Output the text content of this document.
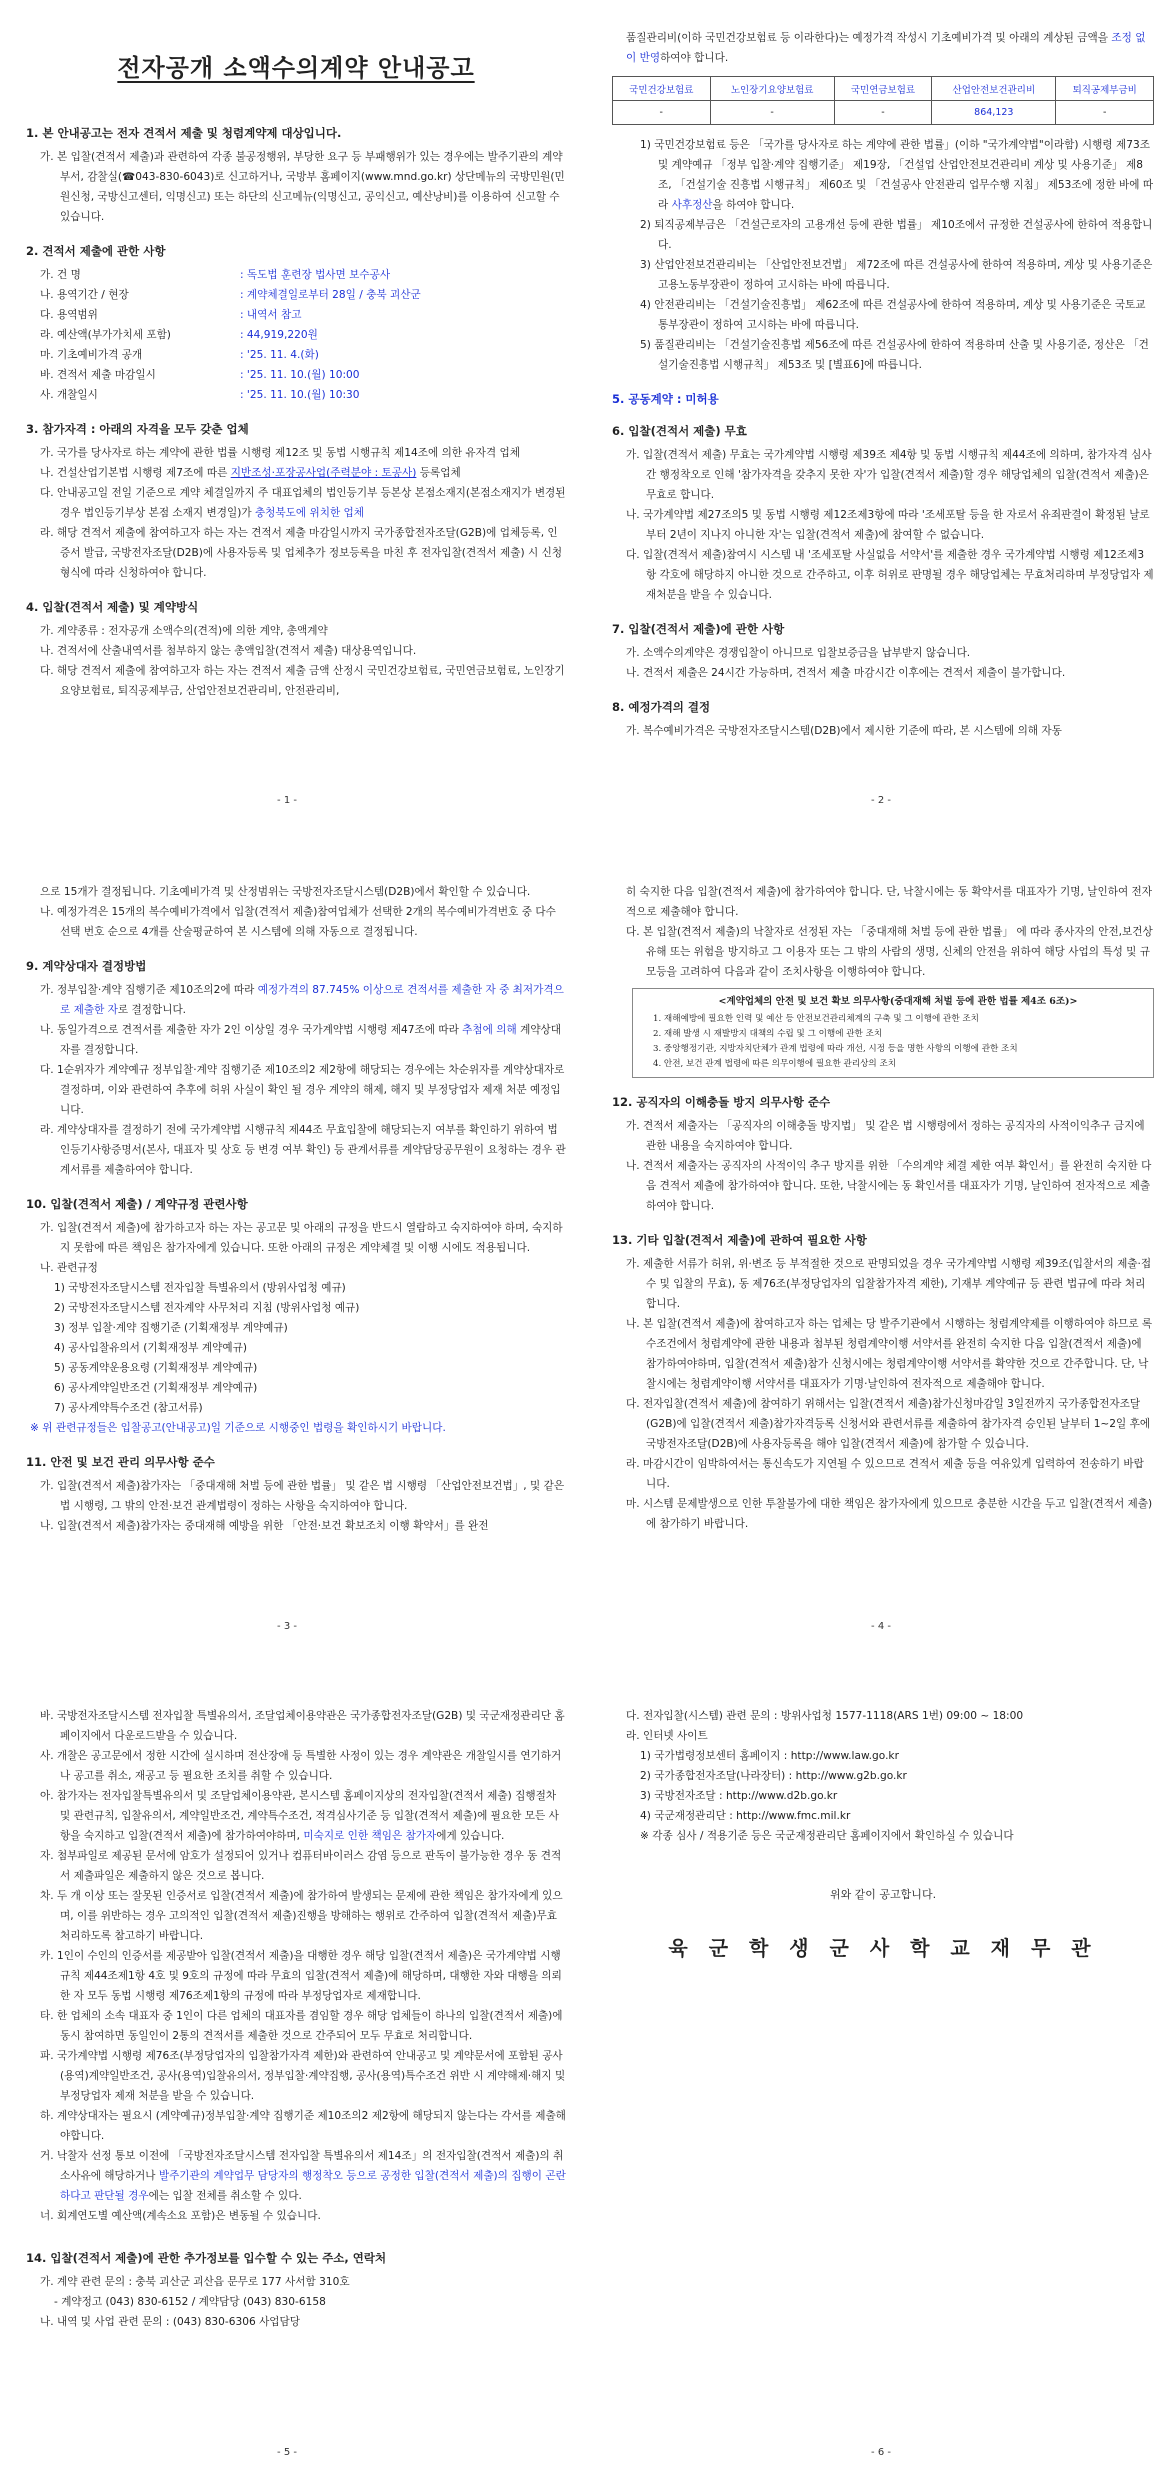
전자공개 소액수의계약 안내공고
1. 본 안내공고는 전자 견적서 제출 및 청렴계약제 대상입니다.

가. 본 입찰(견적서 제출)과 관련하여 각종 불공정행위, 부당한 요구 등 부패행위가 있는 경우에는 발주기관의 계약부서, 감찰실(☎043-830-6043)로 신고하거나, 국방부 홈페이지(www.mnd.go.kr) 상단메뉴의 국방민원(민원신청, 국방신고센터, 익명신고) 또는 하단의 신고메뉴(익명신고, 공익신고, 예산낭비)를 이용하여 신고할 수 있습니다.

2. 견적서 제출에 관한 사항
가. 건 명	: 독도법 훈련장 법사면 보수공사
나. 용역기간 / 현장	: 계약체결일로부터 28일 / 충북 괴산군
다. 용역범위	: 내역서 참고
라. 예산액(부가가치세 포함)	: 44,919,220원
마. 기초예비가격 공개	: '25. 11. 4.(화)
바. 견적서 제출 마감일시	: '25. 11. 10.(월) 10:00
사. 개찰일시	: '25. 11. 10.(월) 10:30
3. 참가자격 : 아래의 자격을 모두 갖춘 업체

가. 국가를 당사자로 하는 계약에 관한 법률 시행령 제12조 및 동법 시행규칙 제14조에 의한 유자격 업체

나. 건설산업기본법 시행령 제7조에 따른 지반조성·포장공사업(주력분야 : 토공사) 등록업체

다. 안내공고일 전일 기준으로 계약 체결일까지 주 대표업체의 법인등기부 등본상 본점소재지(본점소재지가 변경된 경우 법인등기부상 본점 소재지 변경일)가 충청북도에 위치한 업체

라. 해당 견적서 제출에 참여하고자 하는 자는 견적서 제출 마감일시까지 국가종합전자조달(G2B)에 업체등록, 인증서 발급, 국방전자조달(D2B)에 사용자등록 및 업체추가 정보등록을 마친 후 전자입찰(견적서 제출) 시 신청형식에 따라 신청하여야 합니다.

4. 입찰(견적서 제출) 및 계약방식

가. 계약종류 : 전자공개 소액수의(견적)에 의한 계약, 총액계약

나. 견적서에 산출내역서를 첨부하지 않는 총액입찰(견적서 제출) 대상용역입니다.

다. 해당 견적서 제출에 참여하고자 하는 자는 견적서 제출 금액 산정시 국민건강보험료, 국민연금보험료, 노인장기요양보험료, 퇴직공제부금, 산업안전보건관리비, 안전관리비,

- 1 -

품질관리비(이하 국민건강보험료 등 이라한다)는 예정가격 작성시 기초예비가격 및 아래의 계상된 금액을 조정 없이 반영하여야 합니다.

국민건강보험료	노인장기요양보험료	국민연금보험료	산업안전보건관리비	퇴직공제부금비
-	-	-	864,123	-

1) 국민건강보험료 등은 「국가를 당사자로 하는 계약에 관한 법률」(이하 "국가계약법"이라함) 시행령 제73조 및 계약예규 「정부 입찰·계약 집행기준」 제19장, 「건설업 산업안전보건관리비 계상 및 사용기준」 제8조, 「건설기술 진흥법 시행규칙」 제60조 및 「건설공사 안전관리 업무수행 지침」 제53조에 정한 바에 따라 사후정산을 하여야 합니다.

2) 퇴직공제부금은 「건설근로자의 고용개선 등에 관한 법률」 제10조에서 규정한 건설공사에 한하여 적용합니다.

3) 산업안전보건관리비는 「산업안전보건법」 제72조에 따른 건설공사에 한하여 적용하며, 계상 및 사용기준은 고용노동부장관이 정하여 고시하는 바에 따릅니다.

4) 안전관리비는 「건설기술진흥법」 제62조에 따른 건설공사에 한하여 적용하며, 계상 및 사용기준은 국토교통부장관이 정하여 고시하는 바에 따릅니다.

5) 품질관리비는 「건설기술진흥법 제56조에 따른 건설공사에 한하여 적용하며 산출 및 사용기준, 정산은 「건설기술진흥법 시행규칙」 제53조 및 [별표6]에 따릅니다.

5. 공동계약 : 미허용
6. 입찰(견적서 제출) 무효

가. 입찰(견적서 제출) 무효는 국가계약법 시행령 제39조 제4항 및 동법 시행규칙 제44조에 의하며, 참가자격 심사 간 행정착오로 인해 '참가자격을 갖추지 못한 자'가 입찰(견적서 제출)할 경우 해당업체의 입찰(견적서 제출)은 무효로 합니다.

나. 국가계약법 제27조의5 및 동법 시행령 제12조제3항에 따라 '조세포탈 등을 한 자로서 유죄판결이 확정된 날로부터 2년이 지나지 아니한 자'는 입찰(견적서 제출)에 참여할 수 없습니다.

다. 입찰(견적서 제출)참여시 시스템 내 '조세포탈 사실없음 서약서'를 제출한 경우 국가계약법 시행령 제12조제3항 각호에 해당하지 아니한 것으로 간주하고, 이후 허위로 판명될 경우 해당업체는 무효처리하며 부정당업자 제재처분을 받을 수 있습니다.

7. 입찰(견적서 제출)에 관한 사항

가. 소액수의계약은 경쟁입찰이 아니므로 입찰보증금을 납부받지 않습니다.

나. 견적서 제출은 24시간 가능하며, 견적서 제출 마감시간 이후에는 견적서 제출이 불가합니다.

8. 예정가격의 결정

가. 복수예비가격은 국방전자조달시스템(D2B)에서 제시한 기준에 따라, 본 시스템에 의해 자동

- 2 -

으로 15개가 결정됩니다. 기초예비가격 및 산정범위는 국방전자조달시스템(D2B)에서 확인할 수 있습니다.

나. 예정가격은 15개의 복수예비가격에서 입찰(견적서 제출)참여업체가 선택한 2개의 복수예비가격번호 중 다수선택 번호 순으로 4개를 산술평균하여 본 시스템에 의해 자동으로 결정됩니다.

9. 계약상대자 결정방법

가. 정부입찰·계약 집행기준 제10조의2에 따라 예정가격의 87.745% 이상으로 견적서를 제출한 자 중 최저가격으로 제출한 자로 결정합니다.

나. 동일가격으로 견적서를 제출한 자가 2인 이상일 경우 국가계약법 시행령 제47조에 따라 추첨에 의해 계약상대자를 결정합니다.

다. 1순위자가 계약예규 정부입찰·계약 집행기준 제10조의2 제2항에 해당되는 경우에는 차순위자를 계약상대자로 결정하며, 이와 관련하여 추후에 허위 사실이 확인 될 경우 계약의 해제, 해지 및 부정당업자 제재 처분 예정입니다.

라. 계약상대자를 결정하기 전에 국가계약법 시행규칙 제44조 무효입찰에 해당되는지 여부를 확인하기 위하여 법인등기사항증명서(본사, 대표자 및 상호 등 변경 여부 확인) 등 관계서류를 계약담당공무원이 요청하는 경우 관계서류를 제출하여야 합니다.

10. 입찰(견적서 제출) / 계약규정 관련사항

가. 입찰(견적서 제출)에 참가하고자 하는 자는 공고문 및 아래의 규정을 반드시 열람하고 숙지하여야 하며, 숙지하지 못함에 따른 책임은 참가자에게 있습니다. 또한 아래의 규정은 계약체결 및 이행 시에도 적용됩니다.

나. 관련규정

1) 국방전자조달시스템 전자입찰 특별유의서 (방위사업청 예규)

2) 국방전자조달시스템 전자계약 사무처리 지침 (방위사업청 예규)

3) 정부 입찰·계약 집행기준 (기획재정부 계약예규)

4) 공사입찰유의서 (기획재정부 계약예규)

5) 공동계약운용요령 (기획재정부 계약예규)

6) 공사계약일반조건 (기획재정부 계약예규)

7) 공사계약특수조건 (참고서류)

※ 위 관련규정들은 입찰공고(안내공고)일 기준으로 시행중인 법령을 확인하시기 바랍니다.

11. 안전 및 보건 관리 의무사항 준수

가. 입찰(견적서 제출)참가자는 「중대재해 처벌 등에 관한 법률」 및 같은 법 시행령 「산업안전보건법」, 및 같은 법 시행령, 그 밖의 안전·보건 관계법령이 정하는 사항을 숙지하여야 합니다.

나. 입찰(견적서 제출)참가자는 중대재해 예방을 위한 「안전·보건 확보조치 이행 확약서」를 완전

- 3 -

히 숙지한 다음 입찰(견적서 제출)에 참가하여야 합니다. 단, 낙찰시에는 동 확약서를 대표자가 기명, 날인하여 전자적으로 제출해야 합니다.

다. 본 입찰(견적서 제출)의 낙찰자로 선정된 자는 「중대재해 처벌 등에 관한 법률」 에 따라 종사자의 안전,보건상 유해 또는 위험을 방지하고 그 이용자 또는 그 밖의 사람의 생명, 신체의 안전을 위하여 해당 사업의 특성 및 규모등을 고려하여 다음과 같이 조치사항을 이행하여야 합니다.

<계약업체의 안전 및 보건 확보 의무사항(중대재해 처벌 등에 관한 법률 제4조 6조)>
1. 재해예방에 필요한 인력 및 예산 등 안전보건관리체계의 구축 및 그 이행에 관한 조치
2. 재해 발생 시 재발방지 대책의 수립 및 그 이행에 관한 조치
3. 중앙행정기관, 지방자치단체가 관계 법령에 따라 개선, 시정 등을 명한 사항의 이행에 관한 조치
4. 안전, 보건 관계 법령에 따른 의무이행에 필요한 관리상의 조치
12. 공직자의 이해충돌 방지 의무사항 준수

가. 견적서 제출자는 「공직자의 이해충돌 방지법」 및 같은 법 시행령에서 정하는 공직자의 사적이익추구 금지에 관한 내용을 숙지하여야 합니다.

나. 견적서 제출자는 공직자의 사적이익 추구 방지를 위한 「수의계약 체결 제한 여부 확인서」를 완전히 숙지한 다음 견적서 제출에 참가하여야 합니다. 또한, 낙찰시에는 동 확인서를 대표자가 기명, 날인하여 전자적으로 제출하여야 합니다.

13. 기타 입찰(견적서 제출)에 관하여 필요한 사항

가. 제출한 서류가 허위, 위·변조 등 부적절한 것으로 판명되었을 경우 국가계약법 시행령 제39조(입찰서의 제출·접수 및 입찰의 무효), 동 제76조(부정당업자의 입찰참가자격 제한), 기재부 계약예규 등 관련 법규에 따라 처리합니다.

나. 본 입찰(견적서 제출)에 참여하고자 하는 업체는 당 발주기관에서 시행하는 청렴계약제를 이행하여야 하므로 록수조건에서 청렴계약에 관한 내용과 첨부된 청렴계약이행 서약서를 완전히 숙지한 다음 입찰(견적서 제출)에 참가하여야하며, 입찰(견적서 제출)참가 신청시에는 청렴계약이행 서약서를 확약한 것으로 간주합니다. 단, 낙찰시에는 청렴계약이행 서약서를 대표자가 기명·날인하여 전자적으로 제출해야 합니다.

다. 전자입찰(견적서 제출)에 참여하기 위해서는 입찰(견적서 제출)참가신청마감일 3일전까지 국가종합전자조달(G2B)에 입찰(견적서 제출)참가자격등록 신청서와 관련서류를 제출하여 참가자격 승인된 날부터 1~2일 후에 국방전자조달(D2B)에 사용자등록을 해야 입찰(견적서 제출)에 참가할 수 있습니다.

라. 마감시간이 임박하여서는 통신속도가 지연될 수 있으므로 견적서 제출 등을 여유있게 입력하여 전송하기 바랍니다.

마. 시스템 문제발생으로 인한 투찰불가에 대한 책임은 참가자에게 있으므로 충분한 시간을 두고 입찰(견적서 제출)에 참가하기 바랍니다.

- 4 -

바. 국방전자조달시스템 전자입찰 특별유의서, 조달업체이용약관은 국가종합전자조달(G2B) 및 국군재정관리단 홈페이지에서 다운로드받을 수 있습니다.

사. 개찰은 공고문에서 정한 시간에 실시하며 전산장애 등 특별한 사정이 있는 경우 계약관은 개찰일시를 연기하거나 공고를 취소, 재공고 등 필요한 조치를 취할 수 있습니다.

아. 참가자는 전자입찰특별유의서 및 조달업체이용약관, 본시스템 홈페이지상의 전자입찰(견적서 제출) 집행절차 및 관련규칙, 입찰유의서, 계약일반조건, 계약특수조건, 적격심사기준 등 입찰(견적서 제출)에 필요한 모든 사항을 숙지하고 입찰(견적서 제출)에 참가하여야하며, 미숙지로 인한 책임은 참가자에게 있습니다.

자. 첨부파일로 제공된 문서에 암호가 설정되어 있거나 컴퓨터바이러스 감염 등으로 판독이 불가능한 경우 동 견적서 제출파일은 제출하지 않은 것으로 봅니다.

차. 두 개 이상 또는 잘못된 인증서로 입찰(견적서 제출)에 참가하여 발생되는 문제에 관한 책임은 참가자에게 있으며, 이를 위반하는 경우 고의적인 입찰(견적서 제출)진행을 방해하는 행위로 간주하여 입찰(견적서 제출)무효 처리하도록 참고하기 바랍니다.

카. 1인이 수인의 인증서를 제공받아 입찰(견적서 제출)을 대행한 경우 해당 입찰(견적서 제출)은 국가계약법 시행규칙 제44조제1항 4호 및 9호의 규정에 따라 무효의 입찰(견적서 제출)에 해당하며, 대행한 자와 대행을 의뢰한 자 모두 동법 시행령 제76조제1항의 규정에 따라 부정당업자로 제재합니다.

타. 한 업체의 소속 대표자 중 1인이 다른 업체의 대표자를 겸임할 경우 해당 업체들이 하나의 입찰(견적서 제출)에 동시 참여하면 동일인이 2통의 견적서를 제출한 것으로 간주되어 모두 무효로 처리합니다.

파. 국가계약법 시행령 제76조(부정당업자의 입찰참가자격 제한)와 관련하여 안내공고 및 계약문서에 포함된 공사(용역)계약일반조건, 공사(용역)입찰유의서, 정부입찰·계약집행, 공사(용역)특수조건 위반 시 계약해제·해지 및 부정당업자 제재 처분을 받을 수 있습니다.

하. 계약상대자는 필요시 (계약예규)정부입찰·계약 집행기준 제10조의2 제2항에 해당되지 않는다는 각서를 제출해야합니다.

거. 낙찰자 선정 통보 이전에 「국방전자조달시스템 전자입찰 특별유의서 제14조」의 전자입찰(견적서 제출)의 취소사유에 해당하거나 발주기관의 계약업무 담당자의 행정착오 등으로 공정한 입찰(견적서 제출)의 집행이 곤란하다고 판단될 경우에는 입찰 전체를 취소할 수 있다.

너. 회계연도별 예산액(계속소요 포함)은 변동될 수 있습니다.

14. 입찰(견적서 제출)에 관한 추가정보를 입수할 수 있는 주소, 연락처

가. 계약 관련 문의 : 충북 괴산군 괴산읍 문무로 177 사서함 310호

- 계약정고 (043) 830-6152 / 계약담당 (043) 830-6158

나. 내역 및 사업 관련 문의 : (043) 830-6306 사업담당

- 5 -

다. 전자입찰(시스템) 관련 문의 : 방위사업청 1577-1118(ARS 1번) 09:00 ~ 18:00

라. 인터넷 사이트

1) 국가법령정보센터 홈페이지 : http://www.law.go.kr

2) 국가종합전자조달(나라장터) : http://www.g2b.go.kr

3) 국방전자조달 : http://www.d2b.go.kr

4) 국군재정관리단 : http://www.fmc.mil.kr

※ 각종 심사 / 적용기준 등은 국군재정관리단 홈페이지에서 확인하실 수 있습니다

위와 같이 공고합니다.
육 군 학 생 군 사 학 교 재 무 관
- 6 -
